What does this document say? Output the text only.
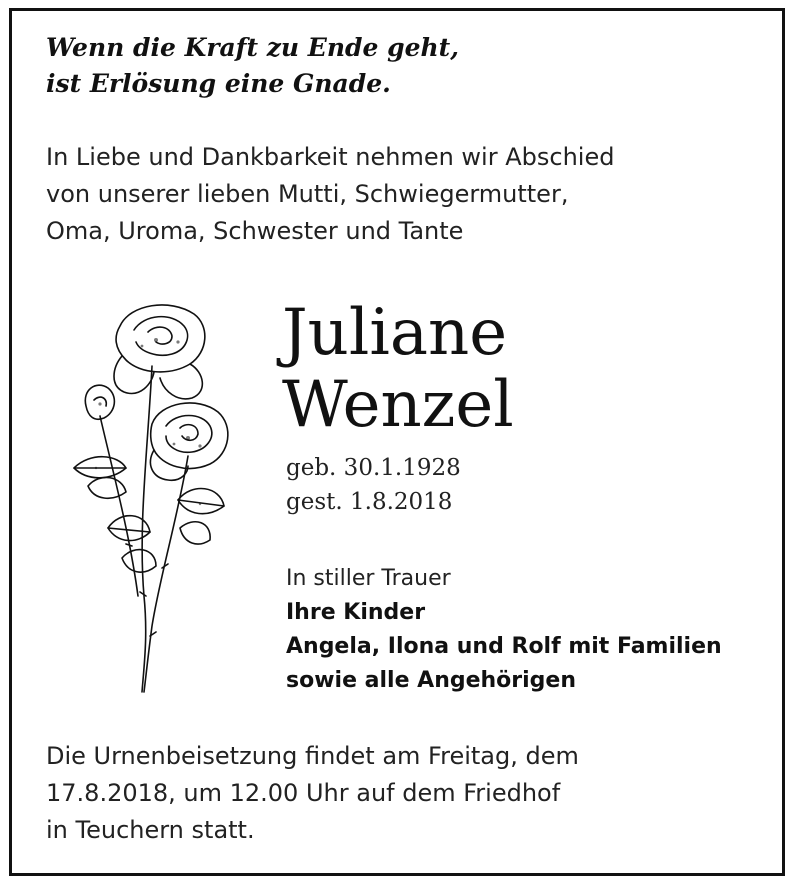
Wenn die Kraft zu Ende geht,
ist Erlösung eine Gnade.
In Liebe und Dankbarkeit nehmen wir Abschied
von unserer lieben Mutti, Schwiegermutter,
Oma, Uroma, Schwester und Tante
Juliane
Wenzel
geb. 30.1.1928
gest. 1.8.2018
In stiller Trauer
Ihre Kinder
Angela, Ilona und Rolf mit Familien
sowie alle Angehörigen
Die Urnenbeisetzung findet am Freitag, dem
17.8.2018, um 12.00 Uhr auf dem Friedhof
in Teuchern statt.
